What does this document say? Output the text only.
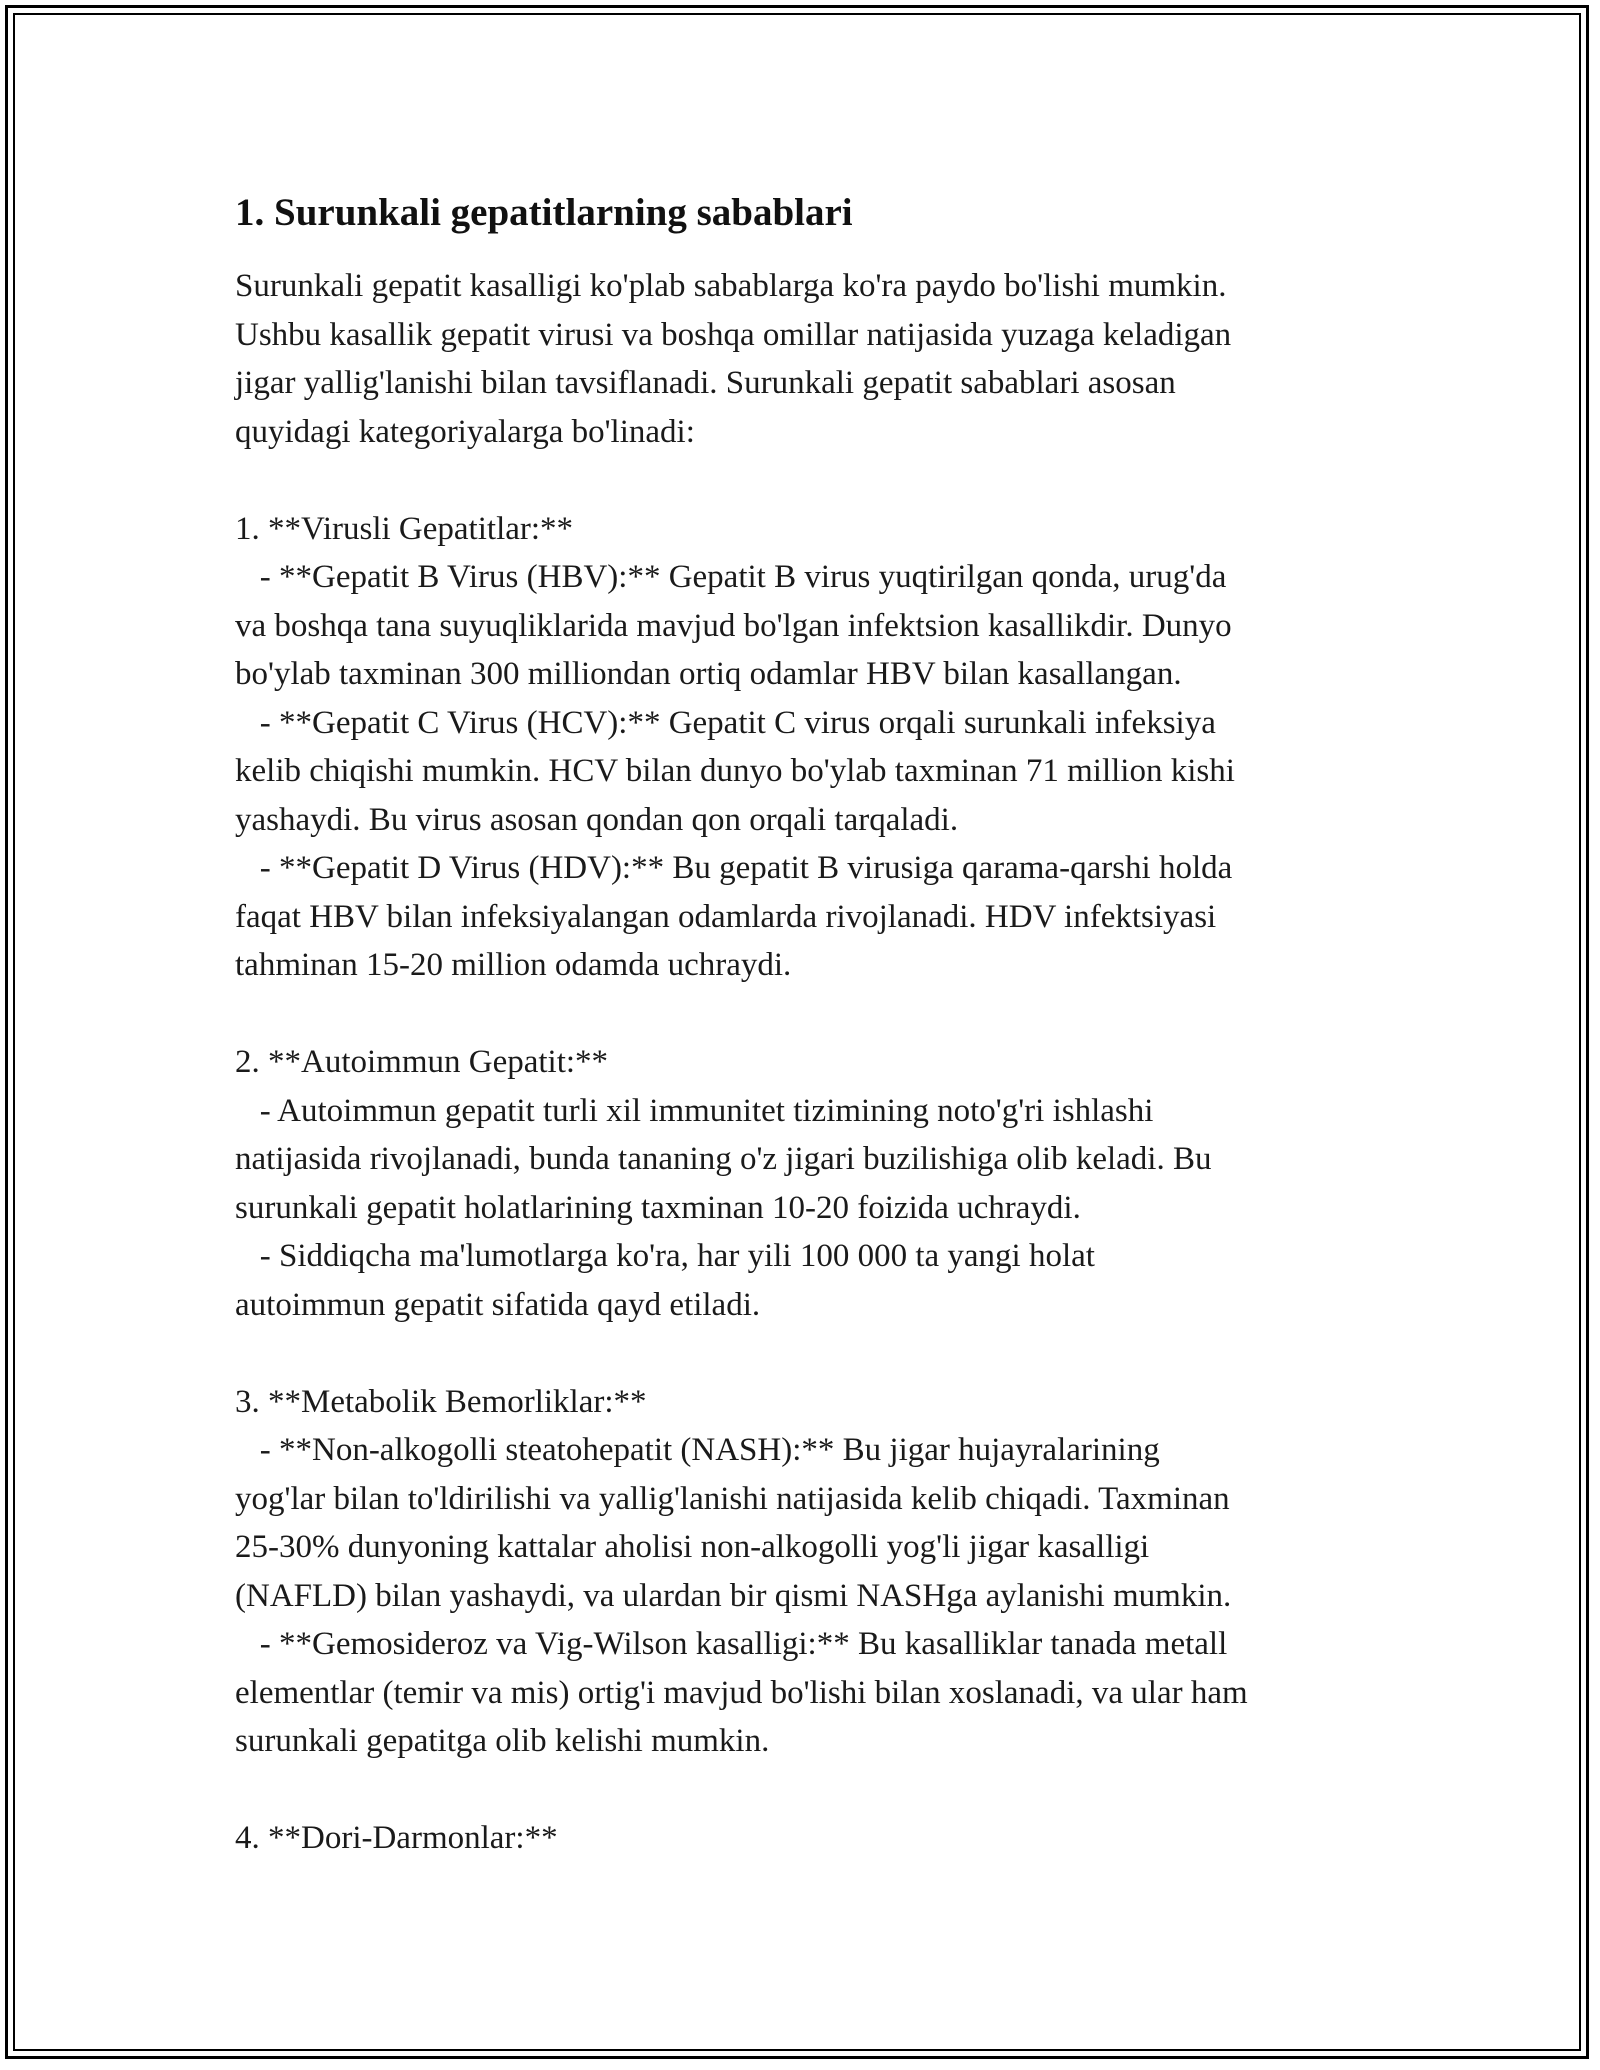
1. Surunkali gepatitlarning sabablari
Surunkali gepatit kasalligi ko'plab sabablarga ko'ra paydo bo'lishi mumkin.
Ushbu kasallik gepatit virusi va boshqa omillar natijasida yuzaga keladigan
jigar yallig'lanishi bilan tavsiflanadi. Surunkali gepatit sabablari asosan
quyidagi kategoriyalarga bo'linadi:
1. **Virusli Gepatitlar:**
- **Gepatit B Virus (HBV):** Gepatit B virus yuqtirilgan qonda, urug'da
va boshqa tana suyuqliklarida mavjud bo'lgan infektsion kasallikdir. Dunyo
bo'ylab taxminan 300 milliondan ortiq odamlar HBV bilan kasallangan.
- **Gepatit C Virus (HCV):** Gepatit C virus orqali surunkali infeksiya
kelib chiqishi mumkin. HCV bilan dunyo bo'ylab taxminan 71 million kishi
yashaydi. Bu virus asosan qondan qon orqali tarqaladi.
- **Gepatit D Virus (HDV):** Bu gepatit B virusiga qarama-qarshi holda
faqat HBV bilan infeksiyalangan odamlarda rivojlanadi. HDV infektsiyasi
tahminan 15-20 million odamda uchraydi.
2. **Autoimmun Gepatit:**
- Autoimmun gepatit turli xil immunitet tizimining noto'g'ri ishlashi
natijasida rivojlanadi, bunda tananing o'z jigari buzilishiga olib keladi. Bu
surunkali gepatit holatlarining taxminan 10-20 foizida uchraydi.
- Siddiqcha ma'lumotlarga ko'ra, har yili 100 000 ta yangi holat
autoimmun gepatit sifatida qayd etiladi.
3. **Metabolik Bemorliklar:**
- **Non-alkogolli steatohepatit (NASH):** Bu jigar hujayralarining
yog'lar bilan to'ldirilishi va yallig'lanishi natijasida kelib chiqadi. Taxminan
25-30% dunyoning kattalar aholisi non-alkogolli yog'li jigar kasalligi
(NAFLD) bilan yashaydi, va ulardan bir qismi NASHga aylanishi mumkin.
- **Gemosideroz va Vig-Wilson kasalligi:** Bu kasalliklar tanada metall
elementlar (temir va mis) ortig'i mavjud bo'lishi bilan xoslanadi, va ular ham
surunkali gepatitga olib kelishi mumkin.
4. **Dori-Darmonlar:**
